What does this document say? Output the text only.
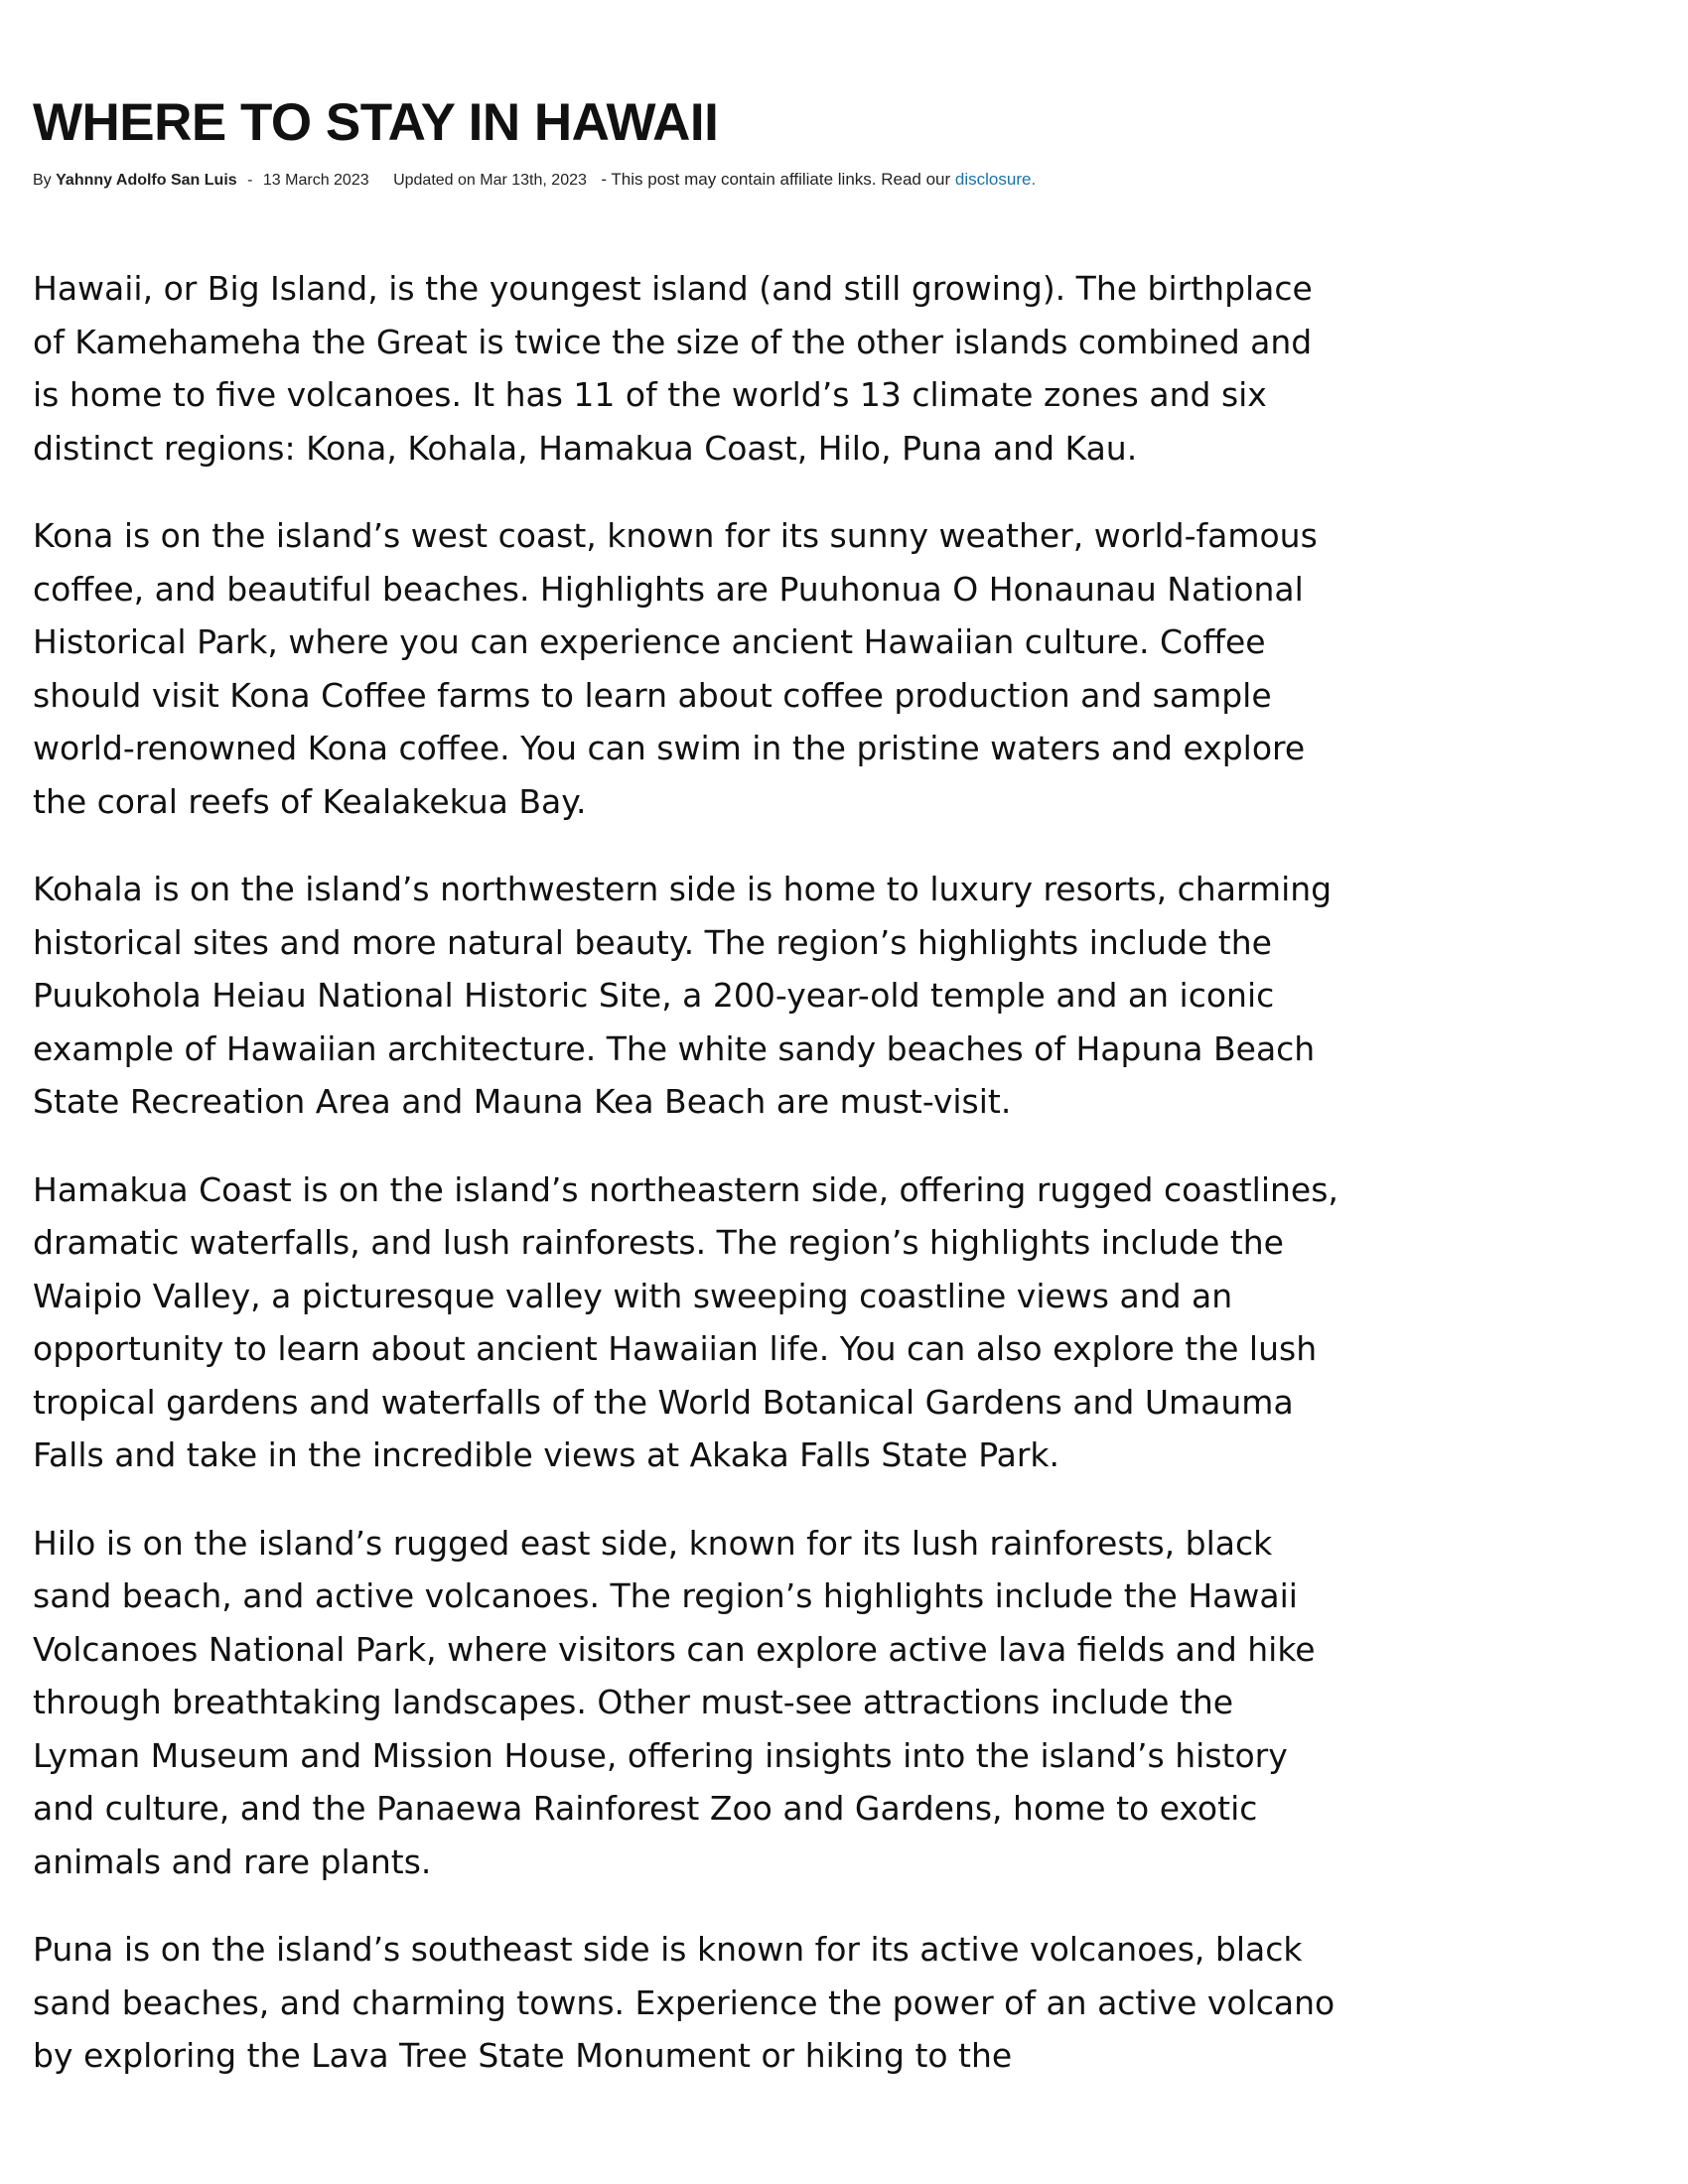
WHERE TO STAY IN HAWAII
By Yahnny Adolfo San Luis - 13 March 2023 Updated on Mar 13th, 2023 - This post may contain affiliate links. Read our disclosure.

Hawaii, or Big Island, is the youngest island (and still growing). The birthplace of Kamehameha the Great is twice the size of the other islands combined and is home to five volcanoes. It has 11 of the world’s 13 climate zones and six distinct regions: Kona, Kohala, Hamakua Coast, Hilo, Puna and Kau.

Kona is on the island’s west coast, known for its sunny weather, world-famous coffee, and beautiful beaches. Highlights are Puuhonua O Honaunau National Historical Park, where you can experience ancient Hawaiian culture. Coffee should visit Kona Coffee farms to learn about coffee production and sample world-renowned Kona coffee. You can swim in the pristine waters and explore the coral reefs of Kealakekua Bay.

Kohala is on the island’s northwestern side is home to luxury resorts, charming historical sites and more natural beauty. The region’s highlights include the Puukohola Heiau National Historic Site, a 200-year-old temple and an iconic example of Hawaiian architecture. The white sandy beaches of Hapuna Beach State Recreation Area and Mauna Kea Beach are must-visit.

Hamakua Coast is on the island’s northeastern side, offering rugged coastlines, dramatic waterfalls, and lush rainforests. The region’s highlights include the Waipio Valley, a picturesque valley with sweeping coastline views and an opportunity to learn about ancient Hawaiian life. You can also explore the lush tropical gardens and waterfalls of the World Botanical Gardens and Umauma Falls and take in the incredible views at Akaka Falls State Park.

Hilo is on the island’s rugged east side, known for its lush rainforests, black sand beach, and active volcanoes. The region’s highlights include the Hawaii Volcanoes National Park, where visitors can explore active lava fields and hike through breathtaking landscapes. Other must-see attractions include the Lyman Museum and Mission House, offering insights into the island’s history and culture, and the Panaewa Rainforest Zoo and Gardens, home to exotic animals and rare plants.

Puna is on the island’s southeast side is known for its active volcanoes, black sand beaches, and charming towns. Experience the power of an active volcano by exploring the Lava Tree State Monument or hiking to the
